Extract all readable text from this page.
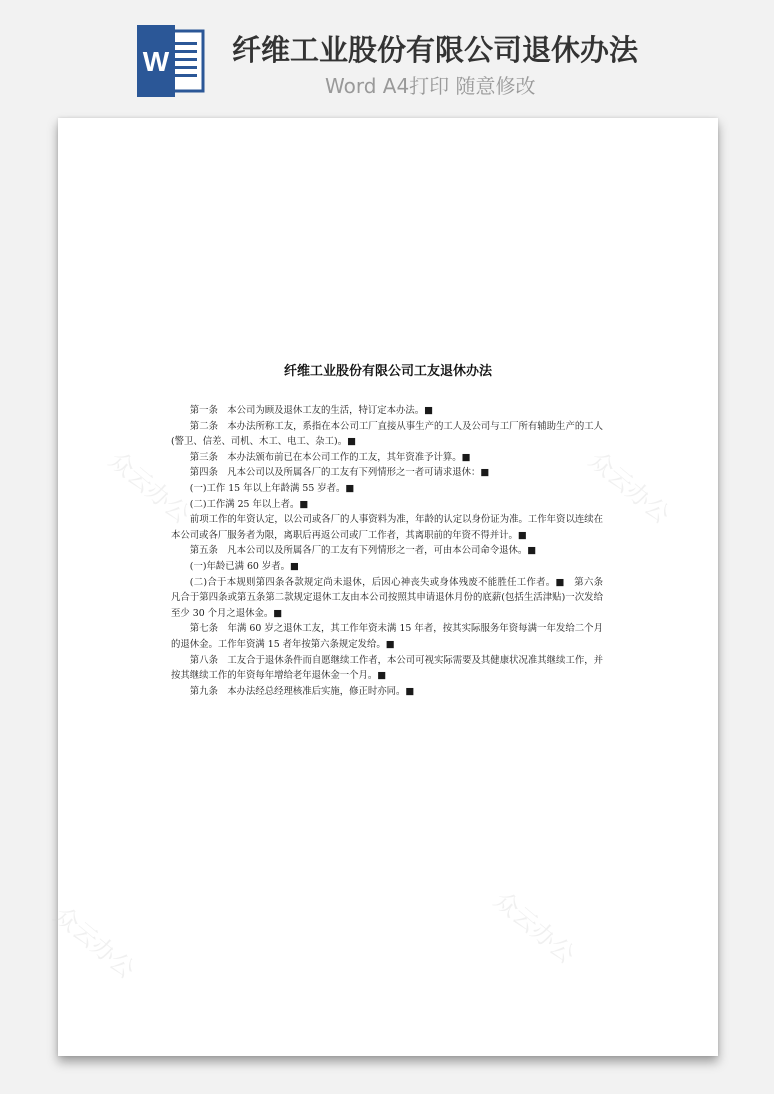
W 纤维工业股份有限公司退休办法
Word A4打印 随意修改
众云办公	众云办公
众云办公	众云办公
纤维工业股份有限公司工友退休办法

第一条　本公司为顾及退休工友的生活，特订定本办法。■

第二条　本办法所称工友，系指在本公司工厂直接从事生产的工人及公司与工厂所有辅助生产的工人(警卫、信差、司机、木工、电工、杂工)。■

第三条　本办法颁布前已在本公司工作的工友，其年资准予计算。■

第四条　凡本公司以及所属各厂的工友有下列情形之一者可请求退休：■

(一)工作 15 年以上年龄满 55 岁者。■

(二)工作满 25 年以上者。■

前项工作的年资认定，以公司或各厂的人事资料为准，年龄的认定以身份证为准。工作年资以连续在本公司或各厂服务者为限，离职后再返公司或厂工作者，其离职前的年资不得并计。■

第五条　凡本公司以及所属各厂的工友有下列情形之一者，可由本公司命令退休。■

(一)年龄已满 60 岁者。■

(二)合于本规则第四条各款规定尚未退休，后因心神丧失或身体残废不能胜任工作者。■　第六条　凡合于第四条或第五条第二款规定退休工友由本公司按照其申请退休月份的底薪(包括生活津贴)一次发给至少 30 个月之退休金。■

第七条　年满 60 岁之退休工友，其工作年资未满 15 年者，按其实际服务年资每满一年发给二个月的退休金。工作年资满 15 者年按第六条规定发给。■

第八条　工友合于退休条件而自愿继续工作者，本公司可视实际需要及其健康状况准其继续工作，并按其继续工作的年资每年增给老年退休金一个月。■

第九条　本办法经总经理核准后实施，修正时亦同。■
